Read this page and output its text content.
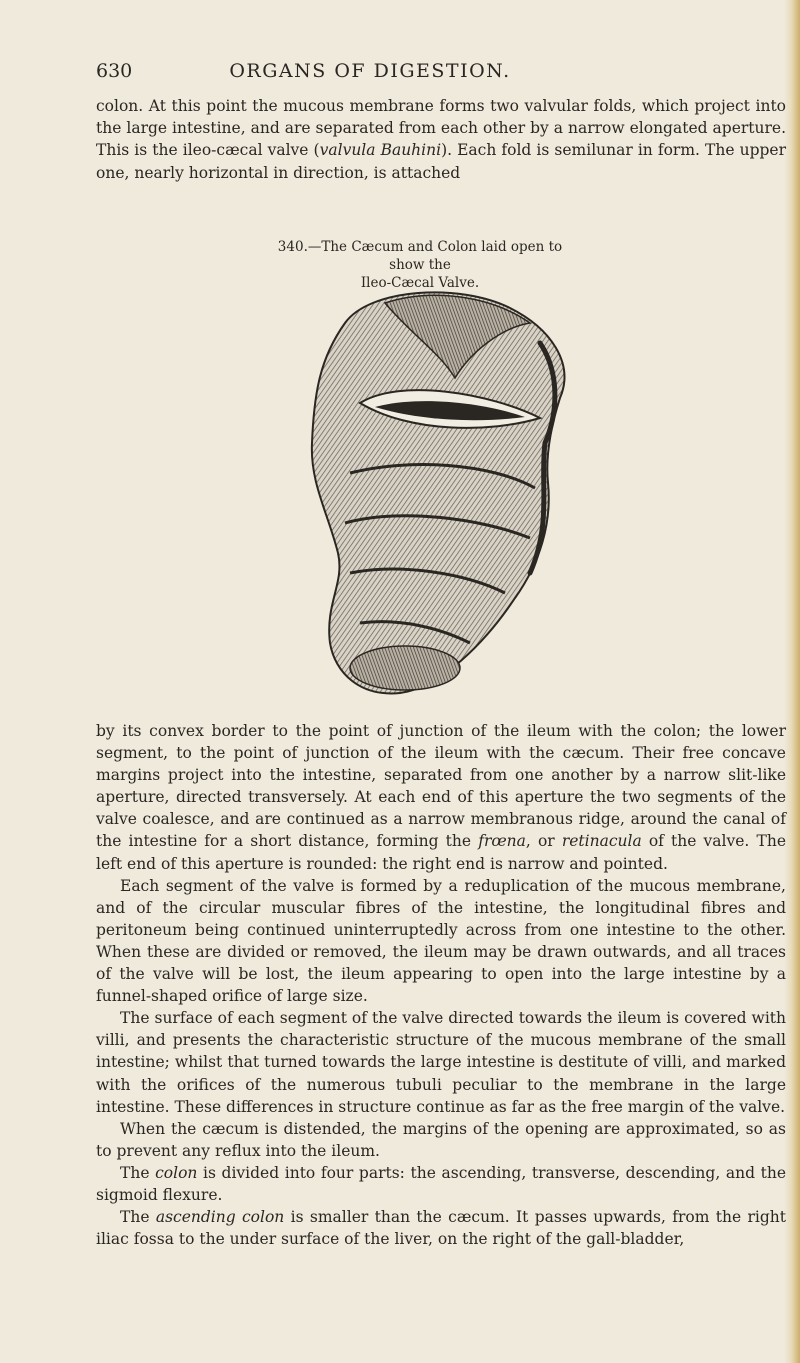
630	ORGANS OF DIGESTION.

colon. At this point the mucous membrane forms two valvular folds, which project into the large intestine, and are separated from each other by a narrow elongated aperture. This is the ileo-cæcal valve (valvula Bauhini). Each fold is semilunar in form. The upper one, nearly horizontal in direction, is attached

340.—The Cæcum and Colon laid open to show the
Ileo-Cæcal Valve.

by its convex border to the point of junction of the ileum with the colon; the lower segment, to the point of junction of the ileum with the cæcum. Their free concave margins project into the intestine, separated from one another by a narrow slit-like aperture, directed transversely. At each end of this aperture the two segments of the valve coalesce, and are continued as a narrow membranous ridge, around the canal of the intestine for a short distance, forming the frœna, or retinacula of the valve. The left end of this aperture is rounded: the right end is narrow and pointed.

Each segment of the valve is formed by a reduplication of the mucous membrane, and of the circular muscular fibres of the intestine, the longitudinal fibres and peritoneum being continued uninterruptedly across from one intestine to the other. When these are divided or removed, the ileum may be drawn outwards, and all traces of the valve will be lost, the ileum appearing to open into the large intestine by a funnel-shaped orifice of large size.

The surface of each segment of the valve directed towards the ileum is covered with villi, and presents the characteristic structure of the mucous membrane of the small intestine; whilst that turned towards the large intestine is destitute of villi, and marked with the orifices of the numerous tubuli peculiar to the membrane in the large intestine. These differences in structure continue as far as the free margin of the valve.

When the cæcum is distended, the margins of the opening are approximated, so as to prevent any reflux into the ileum.

The colon is divided into four parts: the ascending, transverse, descending, and the sigmoid flexure.

The ascending colon is smaller than the cæcum. It passes upwards, from the right iliac fossa to the under surface of the liver, on the right of the gall-bladder,
